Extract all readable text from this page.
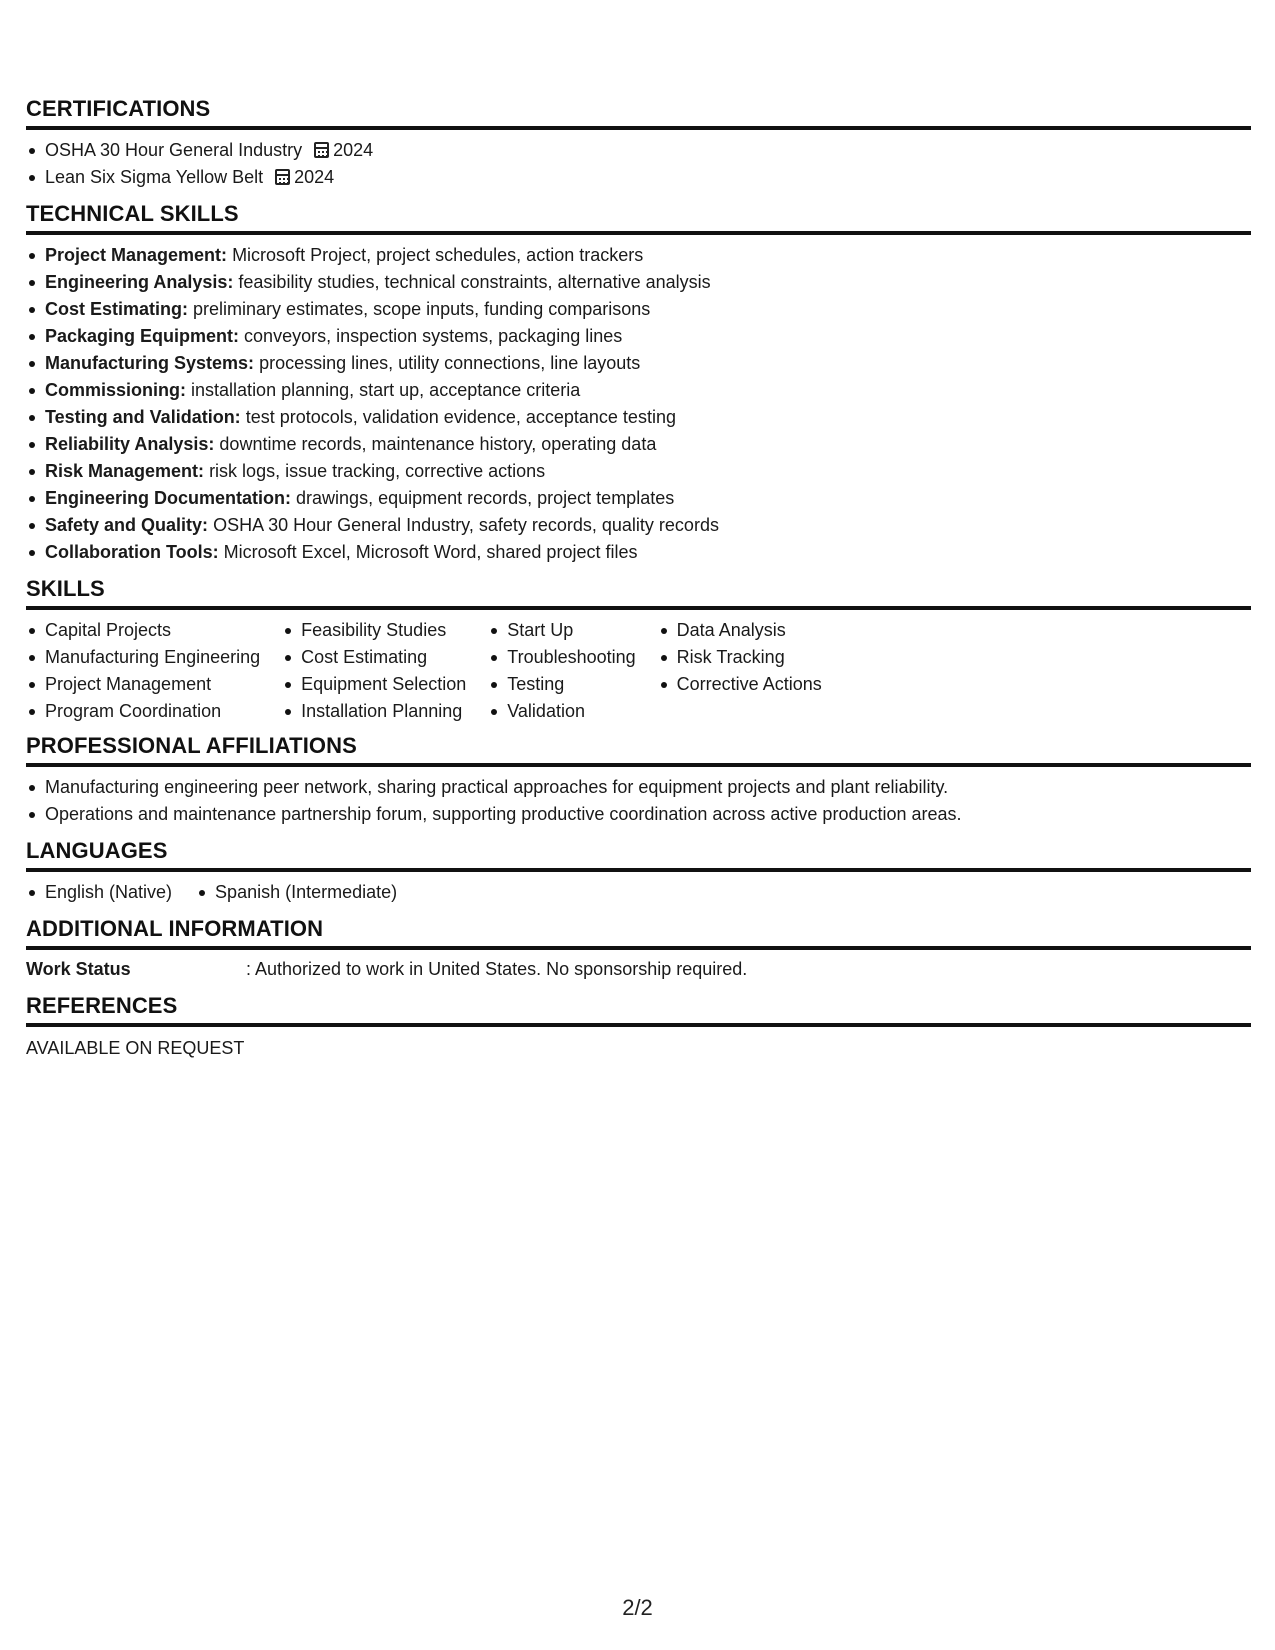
CERTIFICATIONS
OSHA 30 Hour General Industry 2024
Lean Six Sigma Yellow Belt 2024
TECHNICAL SKILLS
Project Management: Microsoft Project, project schedules, action trackers
Engineering Analysis: feasibility studies, technical constraints, alternative analysis
Cost Estimating: preliminary estimates, scope inputs, funding comparisons
Packaging Equipment: conveyors, inspection systems, packaging lines
Manufacturing Systems: processing lines, utility connections, line layouts
Commissioning: installation planning, start up, acceptance criteria
Testing and Validation: test protocols, validation evidence, acceptance testing
Reliability Analysis: downtime records, maintenance history, operating data
Risk Management: risk logs, issue tracking, corrective actions
Engineering Documentation: drawings, equipment records, project templates
Safety and Quality: OSHA 30 Hour General Industry, safety records, quality records
Collaboration Tools: Microsoft Excel, Microsoft Word, shared project files
SKILLS
Capital Projects
Manufacturing Engineering
Project Management
Program Coordination
Feasibility Studies
Cost Estimating
Equipment Selection
Installation Planning
Start Up
Troubleshooting
Testing
Validation
Data Analysis
Risk Tracking
Corrective Actions
PROFESSIONAL AFFILIATIONS
Manufacturing engineering peer network, sharing practical approaches for equipment projects and plant reliability.
Operations and maintenance partnership forum, supporting productive coordination across active production areas.
LANGUAGES
English (Native)	Spanish (Intermediate)
ADDITIONAL INFORMATION
Work Status	: Authorized to work in United States. No sponsorship required.
REFERENCES
AVAILABLE ON REQUEST
2/2
